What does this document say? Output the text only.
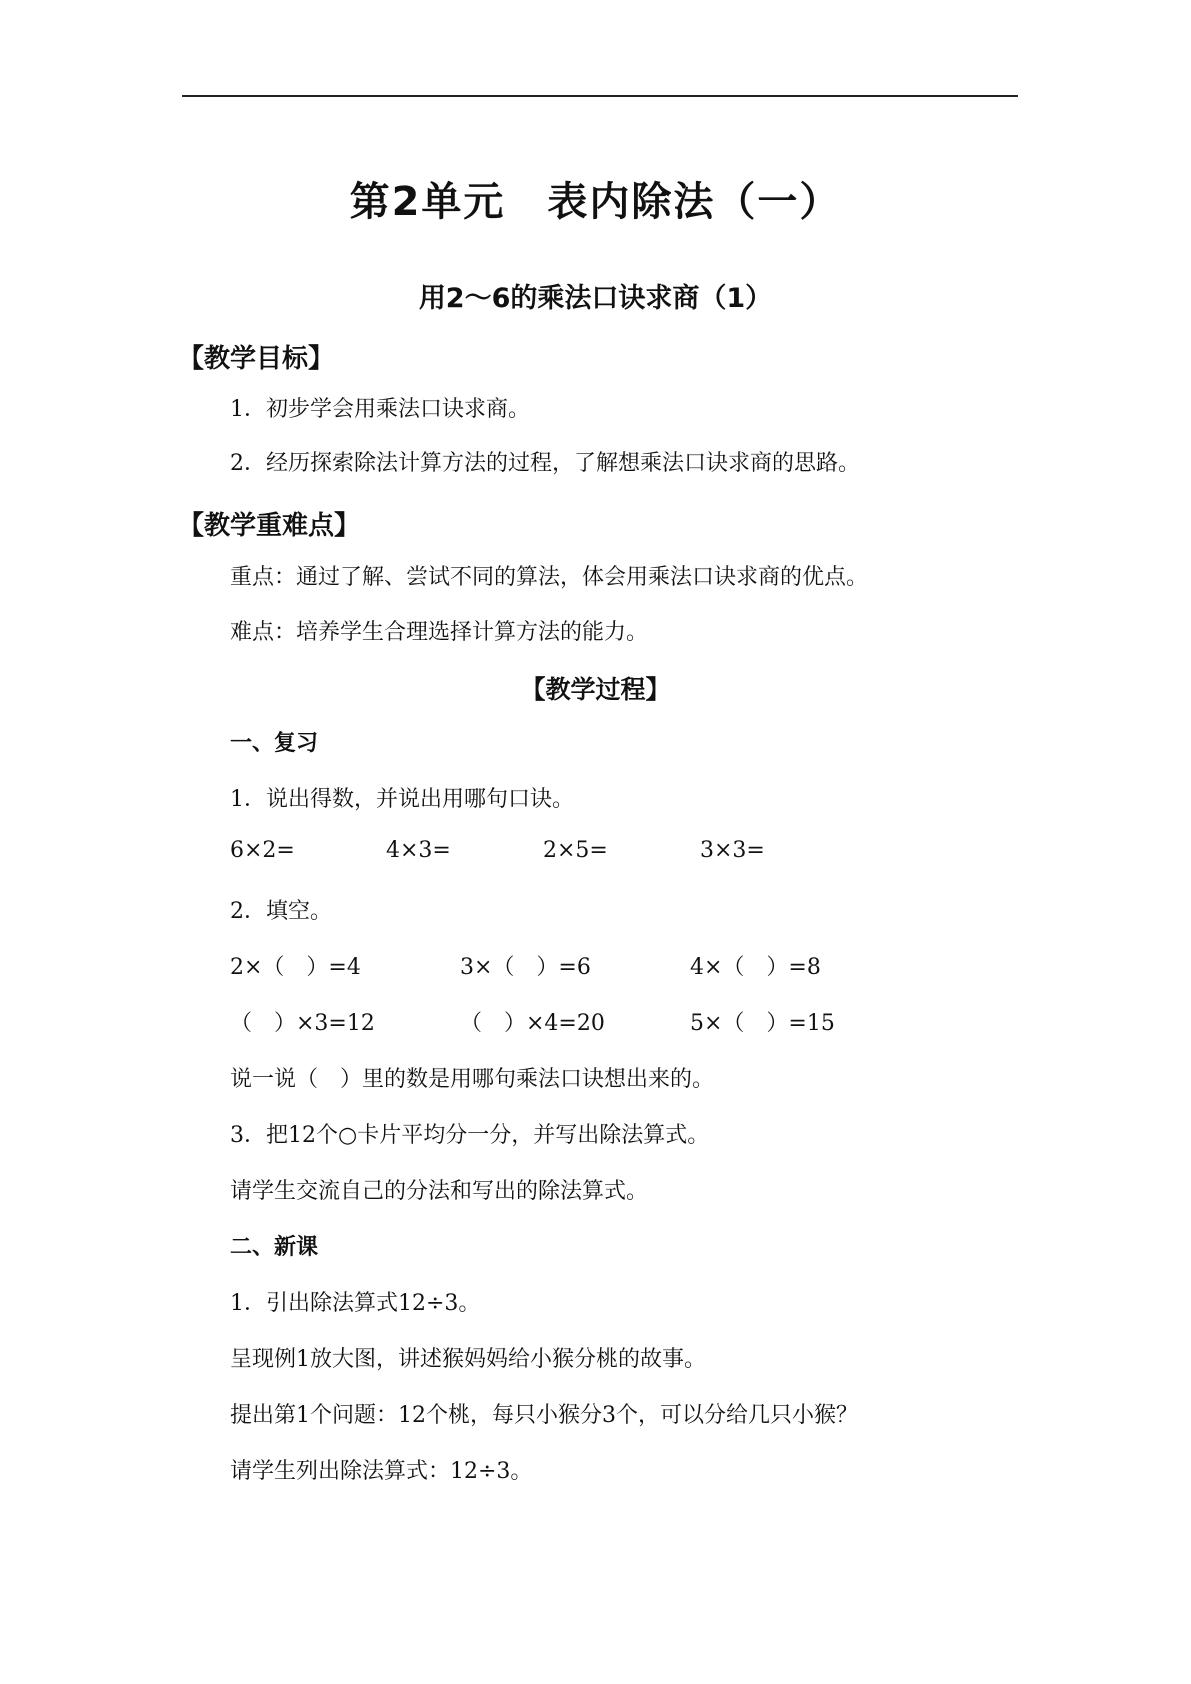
第2单元　表内除法（一）
用2～6的乘法口诀求商（1）
【教学目标】
1．初步学会用乘法口诀求商。
2．经历探索除法计算方法的过程，了解想乘法口诀求商的思路。
【教学重难点】
重点：通过了解、尝试不同的算法，体会用乘法口诀求商的优点。
难点：培养学生合理选择计算方法的能力。
【教学过程】
一、复习
1．说出得数，并说出用哪句口诀。
6×2=	4×3=	2×5=	3×3=
2．填空。
2×（　）=4	3×（　）=6	4×（　）=8
（　）×3=12	（　）×4=20	5×（　）=15
说一说（　）里的数是用哪句乘法口诀想出来的。
3．把12个○卡片平均分一分，并写出除法算式。
请学生交流自己的分法和写出的除法算式。
二、新课
1．引出除法算式12÷3。
呈现例1放大图，讲述猴妈妈给小猴分桃的故事。
提出第1个问题：12个桃，每只小猴分3个，可以分给几只小猴？
请学生列出除法算式：12÷3。
